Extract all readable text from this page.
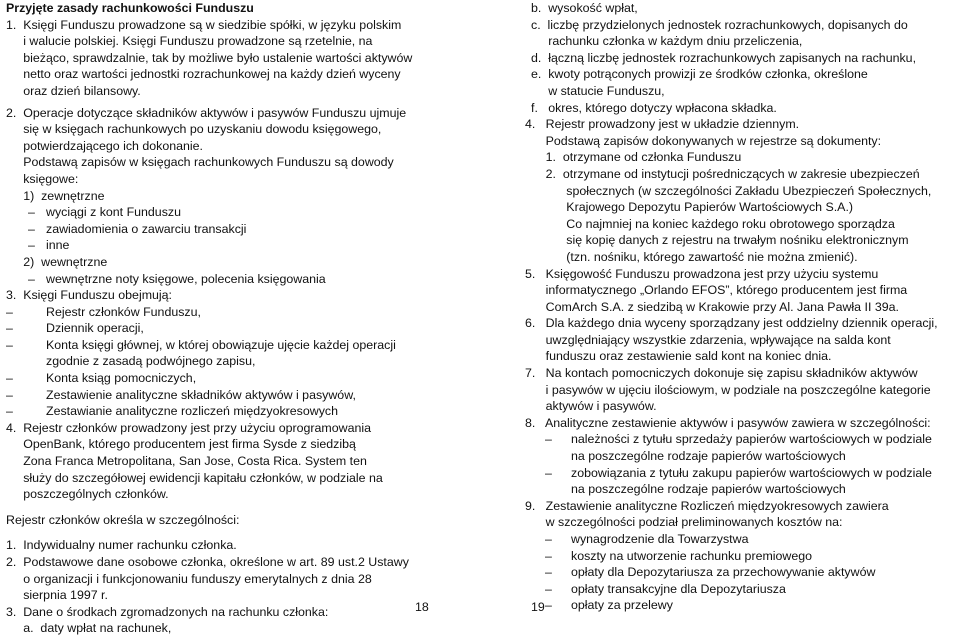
Przyjęte zasady rachunkowości Funduszu
1.  Księgi Funduszu prowadzone są w siedzibie spółki, w języku polskim
i walucie polskiej. Księgi Funduszu prowadzone są rzetelnie, na
bieżąco, sprawdzalnie, tak by możliwe było ustalenie wartości aktywów
netto oraz wartości jednostki rozrachunkowej na każdy dzień wyceny
oraz dzień bilansowy.
2.  Operacje dotyczące składników aktywów i pasywów Funduszu ujmuje
się w księgach rachunkowych po uzyskaniu dowodu księgowego,
potwierdzającego ich dokonanie.
Podstawą zapisów w księgach rachunkowych Funduszu są dowody
księgowe:
1)  zewnętrzne
– wyciągi z kont Funduszu
– zawiadomienia o zawarciu transakcji
– inne
2)  wewnętrzne
– wewnętrzne noty księgowe, polecenia księgowania
3.  Księgi Funduszu obejmują:
–	Rejestr członków Funduszu,
–	Dziennik operacji,
–	Konta księgi głównej, w której obowiązuje ujęcie każdej operacji
zgodnie z zasadą podwójnego zapisu,
–	Konta ksiąg pomocniczych,
–	Zestawienie analityczne składników aktywów i pasywów,
–	Zestawianie analityczne rozliczeń międzyokresowych
4.  Rejestr członków prowadzony jest przy użyciu oprogramowania
OpenBank, którego producentem jest firma Sysde z siedzibą
Zona Franca Metropolitana, San Jose, Costa Rica. System ten
służy do szczegółowej ewidencji kapitału członków, w podziale na
poszczególnych członków.
Rejestr członków określa w szczególności:
1.  Indywidualny numer rachunku członka.
2.  Podstawowe dane osobowe członka, określone w art. 89 ust.2 Ustawy
o organizacji i funkcjonowaniu funduszy emerytalnych z dnia 28
sierpnia 1997 r.
3.  Dane o środkach zgromadzonych na rachunku członka:
a.  daty wpłat na rachunek,
b.  wysokość wpłat,
c.  liczbę przydzielonych jednostek rozrachunkowych, dopisanych do
rachunku członka w każdym dniu przeliczenia,
d.  łączną liczbę jednostek rozrachunkowych zapisanych na rachunku,
e.  kwoty potrąconych prowizji ze środków członka, określone
w statucie Funduszu,
f.   okres, którego dotyczy wpłacona składka.
4.   Rejestr prowadzony jest w układzie dziennym.
Podstawą zapisów dokonywanych w rejestrze są dokumenty:
1.  otrzymane od członka Funduszu
2.  otrzymane od instytucji pośredniczących w zakresie ubezpieczeń
społecznych (w szczególności Zakładu Ubezpieczeń Społecznych,
Krajowego Depozytu Papierów Wartościowych S.A.)
Co najmniej na koniec każdego roku obrotowego sporządza
się kopię danych z rejestru na trwałym nośniku elektronicznym
(tzn. nośniku, którego zawartość nie można zmienić).
5.   Księgowość Funduszu prowadzona jest przy użyciu systemu
informatycznego „Orlando EFOS”, którego producentem jest firma
ComArch S.A. z siedzibą w Krakowie przy Al. Jana Pawła II 39a.
6.   Dla każdego dnia wyceny sporządzany jest oddzielny dziennik operacji,
uwzględniający wszystkie zdarzenia, wpływające na salda kont
funduszu oraz zestawienie sald kont na koniec dnia.
7.   Na kontach pomocniczych dokonuje się zapisu składników aktywów
i pasywów w ujęciu ilościowym, w podziale na poszczególne kategorie
aktywów i pasywów.
8.   Analityczne zestawienie aktywów i pasywów zawiera w szczególności:
– należności z tytułu sprzedaży papierów wartościowych w podziale
na poszczególne rodzaje papierów wartościowych
– zobowiązania z tytułu zakupu papierów wartościowych w podziale
na poszczególne rodzaje papierów wartościowych
9.   Zestawienie analityczne Rozliczeń międzyokresowych zawiera
w szczególności podział preliminowanych kosztów na:
– wynagrodzenie dla Towarzystwa
– koszty na utworzenie rachunku premiowego
– opłaty dla Depozytariusza za przechowywanie aktywów
– opłaty transakcyjne dla Depozytariusza
– opłaty za przelewy
18	19
